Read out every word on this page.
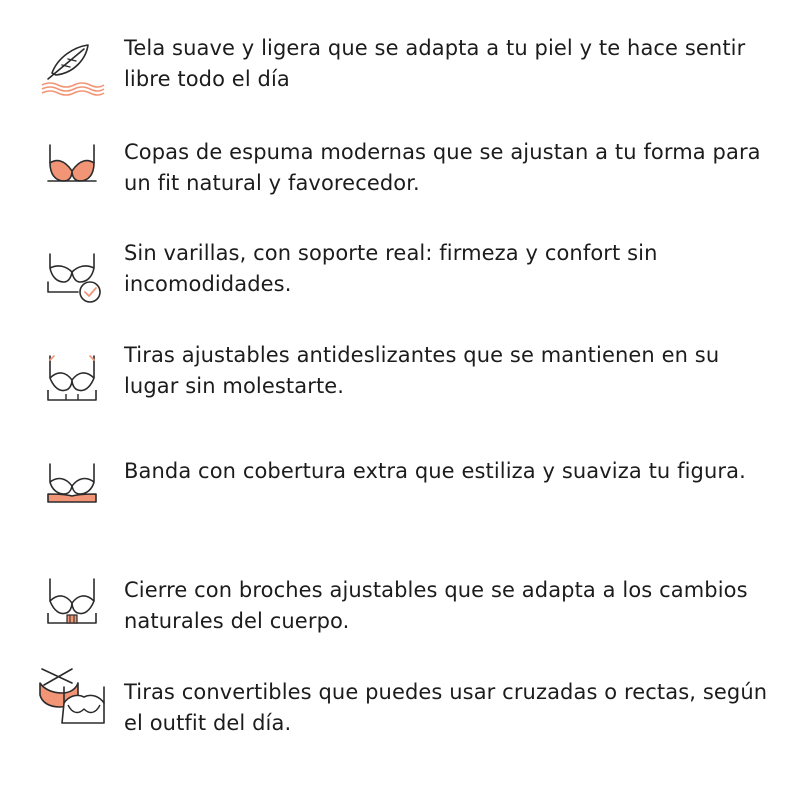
Tela suave y ligera que se adapta a tu piel y te hace sentir libre todo el día

Copas de espuma modernas que se ajustan a tu forma para un fit natural y favorecedor.

Sin varillas, con soporte real: firmeza y confort sin incomodidades.

Tiras ajustables antideslizantes que se mantienen en su lugar sin molestarte.

Banda con cobertura extra que estiliza y suaviza tu figura.

Cierre con broches ajustables que se adapta a los cambios naturales del cuerpo.

Tiras convertibles que puedes usar cruzadas o rectas, según el outfit del día.
